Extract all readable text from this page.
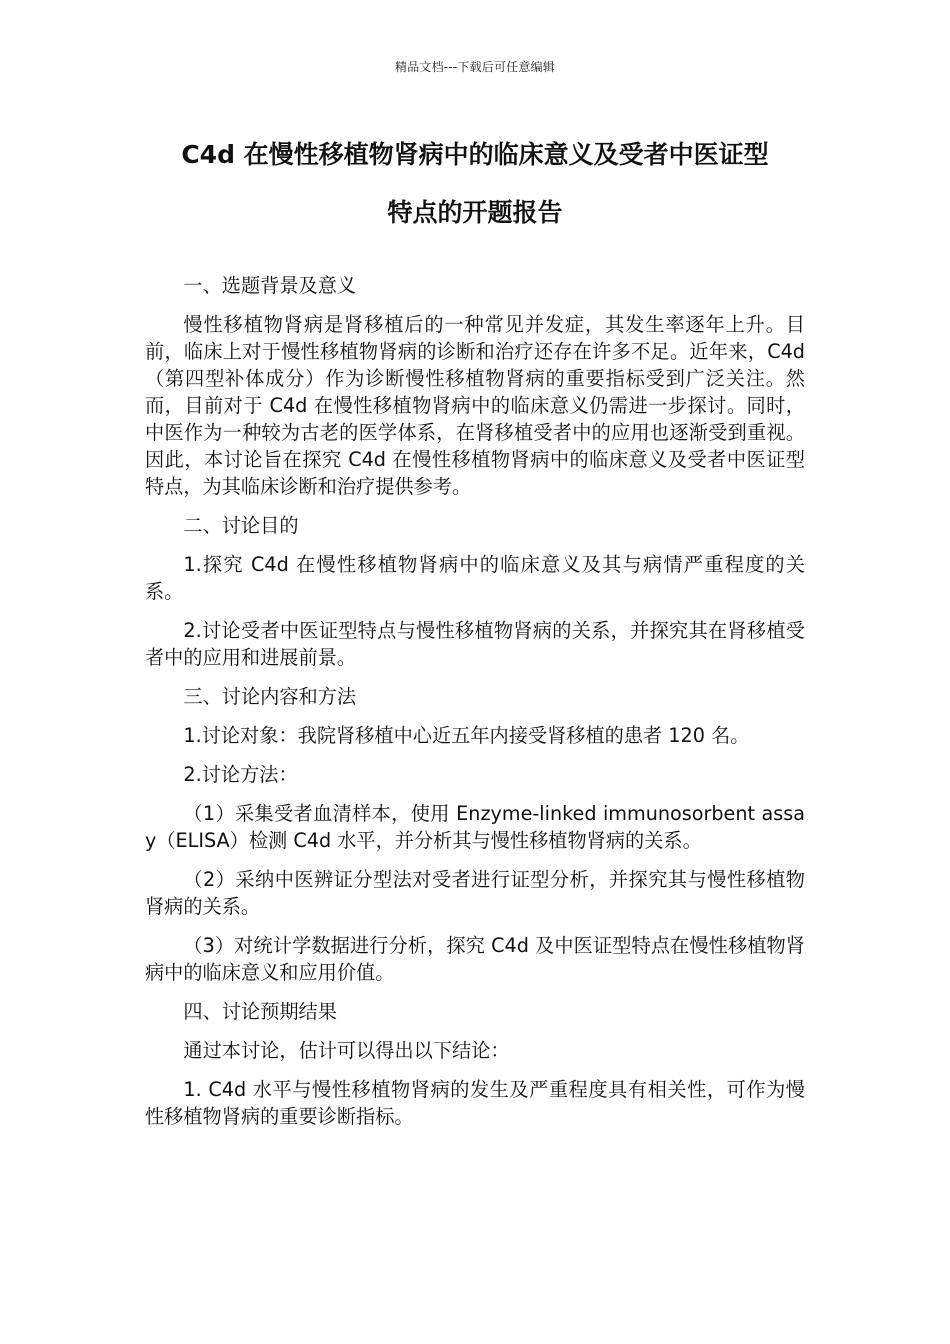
精品文档---下载后可任意编辑
C4d 在慢性移植物肾病中的临床意义及受者中医证型
特点的开题报告

一、选题背景及意义

慢性移植物肾病是肾移植后的一种常见并发症，其发生率逐年上升。目前，临床上对于慢性移植物肾病的诊断和治疗还存在许多不足。近年来，C4d（第四型补体成分）作为诊断慢性移植物肾病的重要指标受到广泛关注。然而，目前对于 C4d 在慢性移植物肾病中的临床意义仍需进一步探讨。同时，中医作为一种较为古老的医学体系，在肾移植受者中的应用也逐渐受到重视。因此，本讨论旨在探究 C4d 在慢性移植物肾病中的临床意义及受者中医证型特点，为其临床诊断和治疗提供参考。

二、讨论目的

1.探究 C4d 在慢性移植物肾病中的临床意义及其与病情严重程度的关系。

2.讨论受者中医证型特点与慢性移植物肾病的关系，并探究其在肾移植受者中的应用和进展前景。

三、讨论内容和方法

1.讨论对象：我院肾移植中心近五年内接受肾移植的患者 120 名。

2.讨论方法：

（1）采集受者血清样本，使用 Enzyme-linked immunosorbent assay（ELISA）检测 C4d 水平，并分析其与慢性移植物肾病的关系。

（2）采纳中医辨证分型法对受者进行证型分析，并探究其与慢性移植物肾病的关系。

（3）对统计学数据进行分析，探究 C4d 及中医证型特点在慢性移植物肾病中的临床意义和应用价值。

四、讨论预期结果

通过本讨论，估计可以得出以下结论：

1. C4d 水平与慢性移植物肾病的发生及严重程度具有相关性，可作为慢性移植物肾病的重要诊断指标。
